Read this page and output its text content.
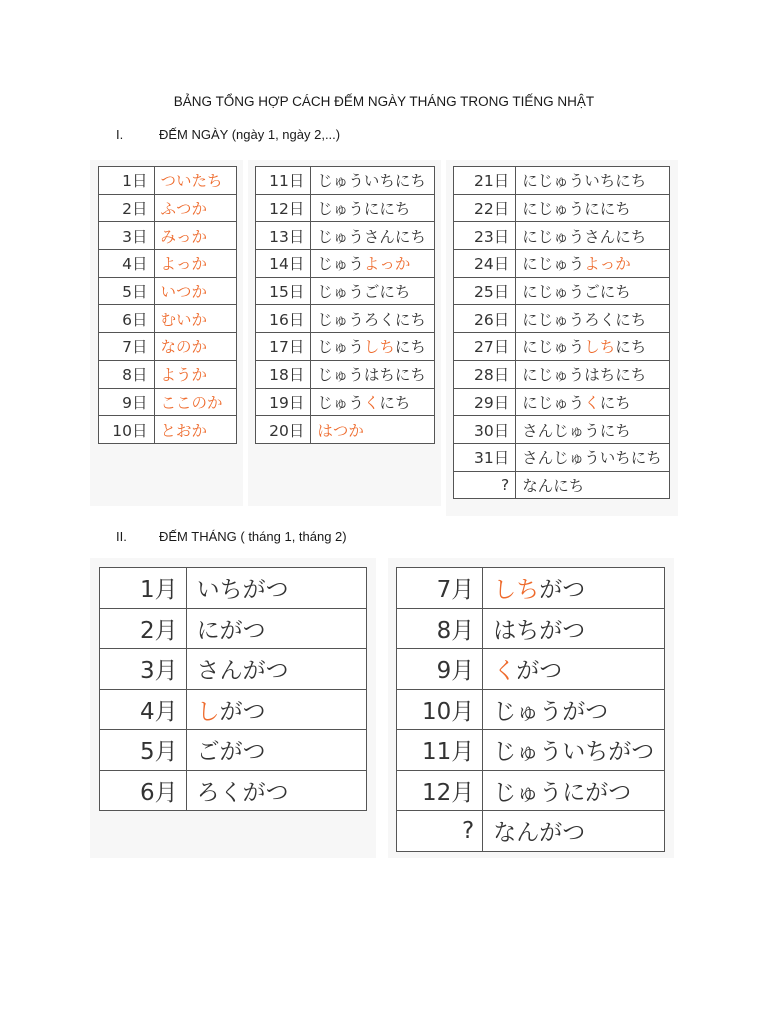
BẢNG TỔNG HỢP CÁCH ĐẾM NGÀY THÁNG TRONG TIẾNG NHẬT
I.	ĐẾM NGÀY (ngày 1, ngày 2,...)
1日	ついたち
2日	ふつか
3日	みっか
4日	よっか
5日	いつか
6日	むいか
7日	なのか
8日	ようか
9日	ここのか
10日	とおか
11日	じゅういちにち
12日	じゅうににち
13日	じゅうさんにち
14日	じゅうよっか
15日	じゅうごにち
16日	じゅうろくにち
17日	じゅうしちにち
18日	じゅうはちにち
19日	じゅうくにち
20日	はつか
21日	にじゅういちにち
22日	にじゅうににち
23日	にじゅうさんにち
24日	にじゅうよっか
25日	にじゅうごにち
26日	にじゅうろくにち
27日	にじゅうしちにち
28日	にじゅうはちにち
29日	にじゅうくにち
30日	さんじゅうにち
31日	さんじゅういちにち
?	なんにち
II. ĐẾM THÁNG ( tháng 1, tháng 2)
1月	いちがつ
2月	にがつ
3月	さんがつ
4月	しがつ
5月	ごがつ
6月	ろくがつ
7月	しちがつ
8月	はちがつ
9月	くがつ
10月	じゅうがつ
11月	じゅういちがつ
12月	じゅうにがつ
?	なんがつ
